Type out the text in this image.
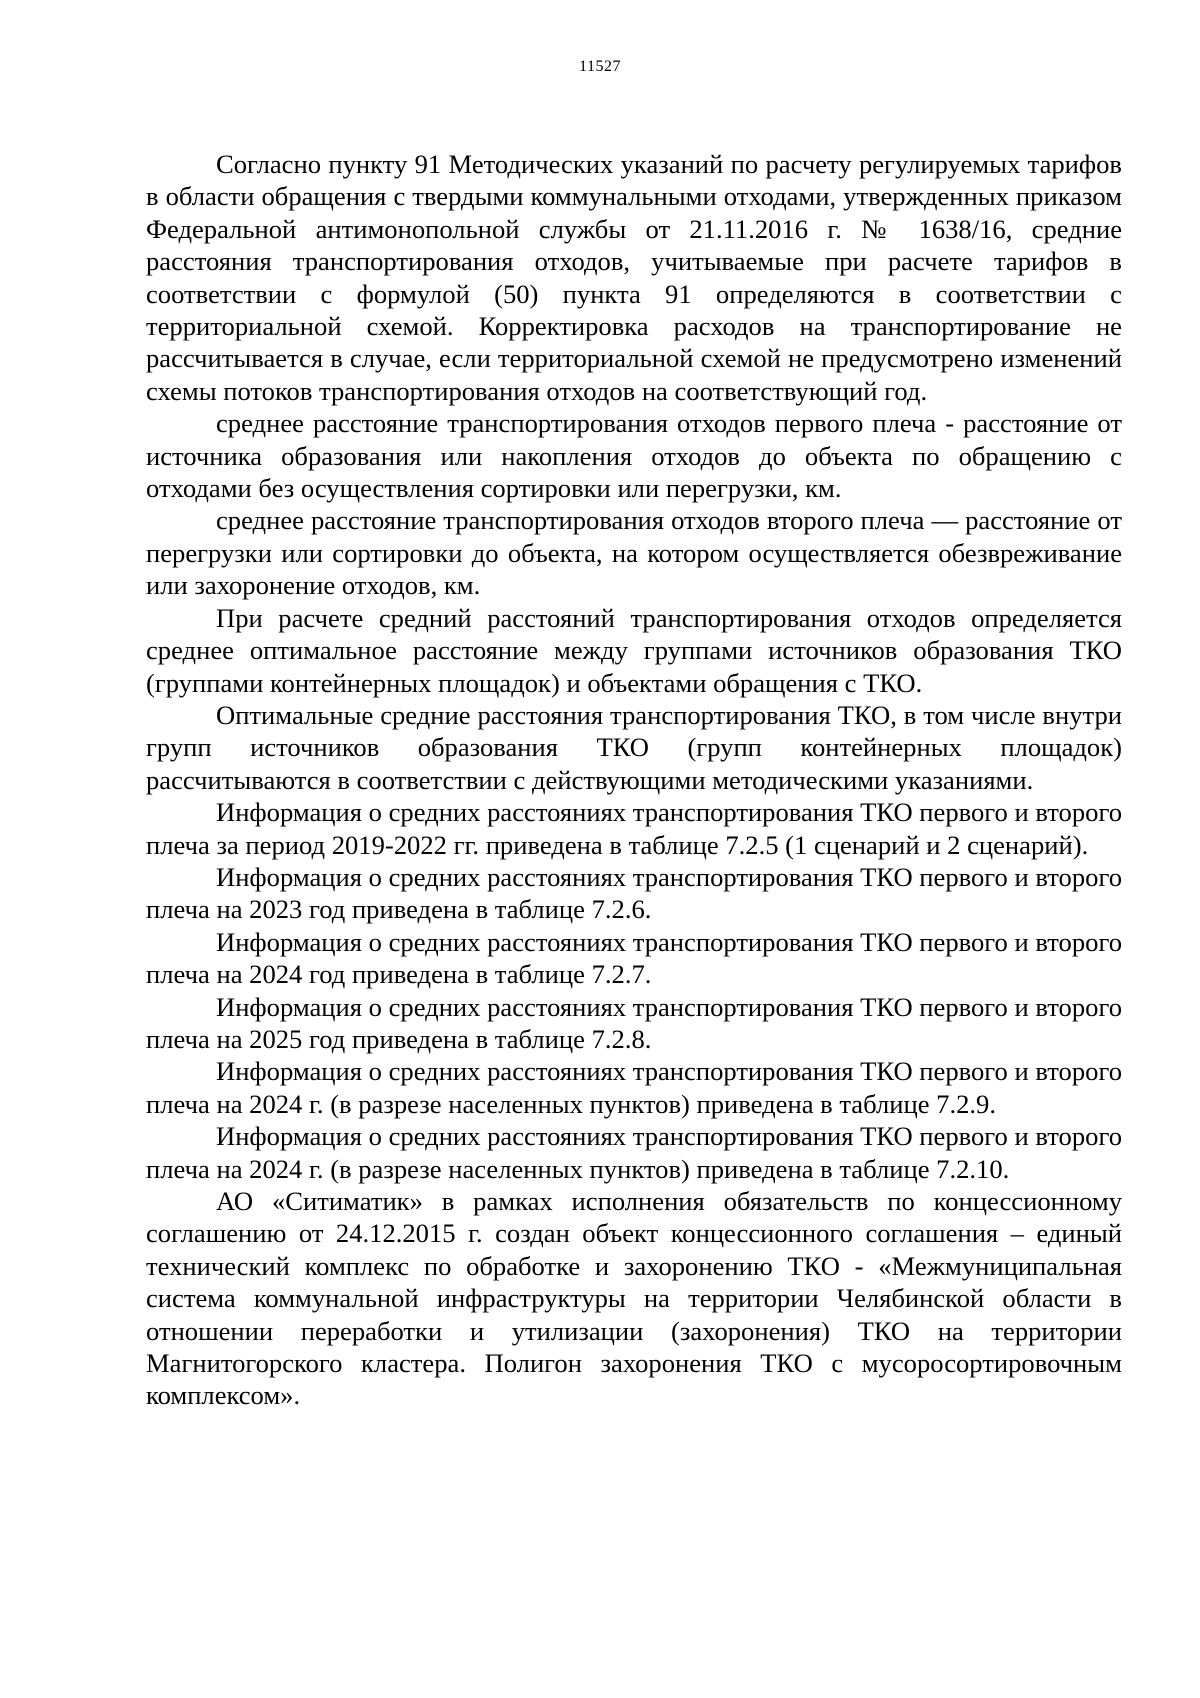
11527

Согласно пункту 91 Методических указаний по расчету регулируемых тарифов в области обращения с твердыми коммунальными отходами, утвержденных приказом Федеральной антимонопольной службы от 21.11.2016 г. № 1638/16, средние расстояния транспортирования отходов, учитываемые при расчете тарифов в соответствии с формулой (50) пункта 91 определяются в соответствии с территориальной схемой. Корректировка расходов на транспортирование не рассчитывается в случае, если территориальной схемой не предусмотрено изменений схемы потоков транспортирования отходов на соответствующий год.

среднее расстояние транспортирования отходов первого плеча - расстояние от источника образования или накопления отходов до объекта по обращению с отходами без осуществления сортировки или перегрузки, км.

среднее расстояние транспортирования отходов второго плеча — расстояние от перегрузки или сортировки до объекта, на котором осуществляется обезвреживание или захоронение отходов, км.

При расчете средний расстояний транспортирования отходов определяется среднее оптимальное расстояние между группами источников образования ТКО (группами контейнерных площадок) и объектами обращения с ТКО.

Оптимальные средние расстояния транспортирования ТКО, в том числе внутри групп источников образования ТКО (групп контейнерных площадок) рассчитываются в соответствии с действующими методическими указаниями.

Информация о средних расстояниях транспортирования ТКО первого и второго плеча за период 2019-2022 гг. приведена в таблице 7.2.5 (1 сценарий и 2 сценарий).

Информация о средних расстояниях транспортирования ТКО первого и второго плеча на 2023 год приведена в таблице 7.2.6.

Информация о средних расстояниях транспортирования ТКО первого и второго плеча на 2024 год приведена в таблице 7.2.7.

Информация о средних расстояниях транспортирования ТКО первого и второго плеча на 2025 год приведена в таблице 7.2.8.

Информация о средних расстояниях транспортирования ТКО первого и второго плеча на 2024 г. (в разрезе населенных пунктов) приведена в таблице 7.2.9.

Информация о средних расстояниях транспортирования ТКО первого и второго плеча на 2024 г. (в разрезе населенных пунктов) приведена в таблице 7.2.10.

АО «Ситиматик» в рамках исполнения обязательств по концессионному соглашению от 24.12.2015 г. создан объект концессионного соглашения – единый технический комплекс по обработке и захоронению ТКО - «Межмуниципальная система коммунальной инфраструктуры на территории Челябинской области в отношении переработки и утилизации (захоронения) ТКО на территории Магнитогорского кластера. Полигон захоронения ТКО с мусоросортировочным комплексом».
